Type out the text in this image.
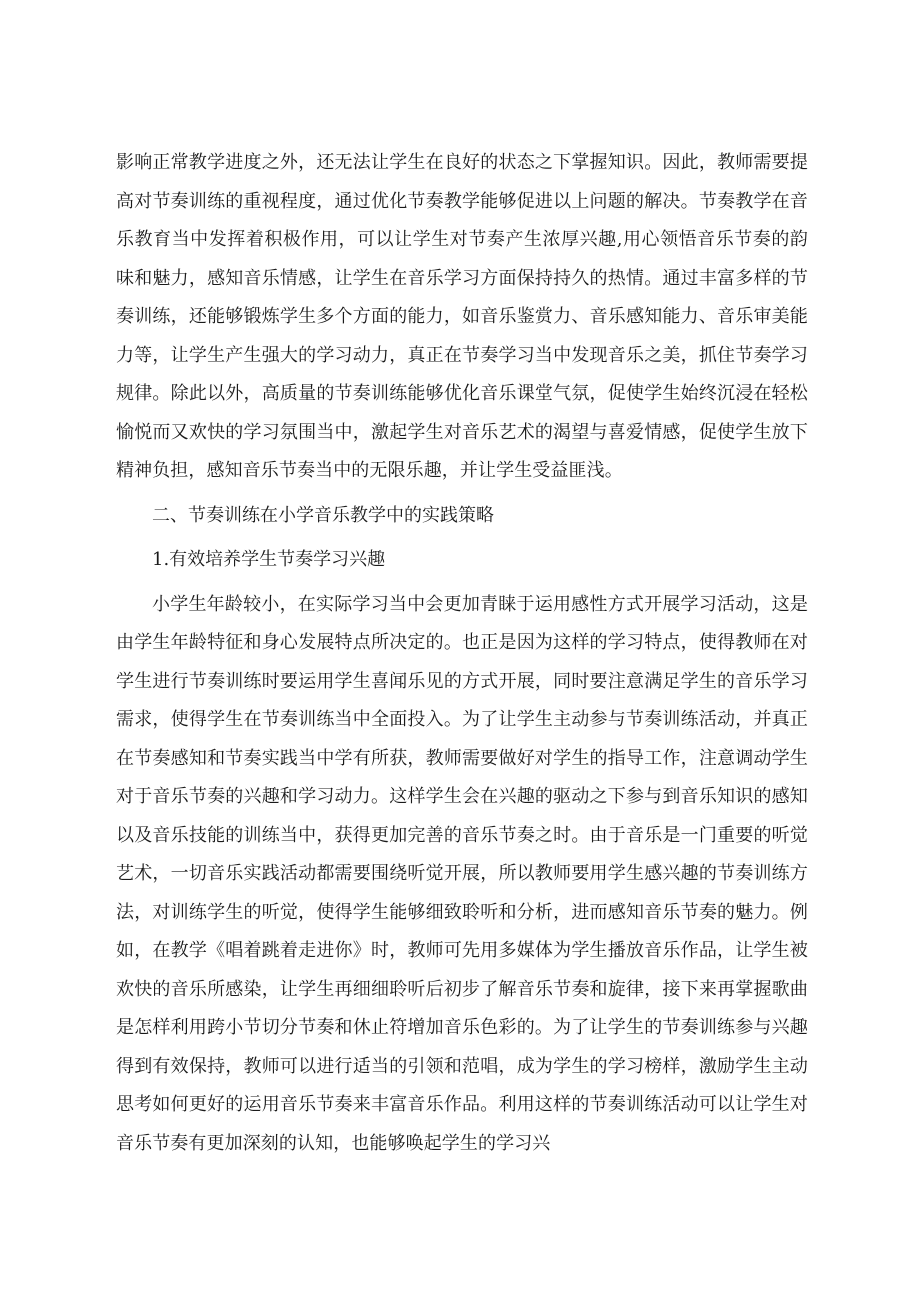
影响正常教学进度之外，还无法让学生在良好的状态之下掌握知识。因此，教师需要提高对节奏训练的重视程度，通过优化节奏教学能够促进以上问题的解决。节奏教学在音乐教育当中发挥着积极作用，可以让学生对节奏产生浓厚兴趣,用心领悟音乐节奏的韵味和魅力，感知音乐情感，让学生在音乐学习方面保持持久的热情。通过丰富多样的节奏训练，还能够锻炼学生多个方面的能力，如音乐鉴赏力、音乐感知能力、音乐审美能力等，让学生产生强大的学习动力，真正在节奏学习当中发现音乐之美，抓住节奏学习规律。除此以外，高质量的节奏训练能够优化音乐课堂气氛，促使学生始终沉浸在轻松愉悦而又欢快的学习氛围当中，激起学生对音乐艺术的渴望与喜爱情感，促使学生放下精神负担，感知音乐节奏当中的无限乐趣，并让学生受益匪浅。

二、节奏训练在小学音乐教学中的实践策略

1.有效培养学生节奏学习兴趣

小学生年龄较小，在实际学习当中会更加青睐于运用感性方式开展学习活动，这是由学生年龄特征和身心发展特点所决定的。也正是因为这样的学习特点，使得教师在对学生进行节奏训练时要运用学生喜闻乐见的方式开展，同时要注意满足学生的音乐学习需求，使得学生在节奏训练当中全面投入。为了让学生主动参与节奏训练活动，并真正在节奏感知和节奏实践当中学有所获，教师需要做好对学生的指导工作，注意调动学生对于音乐节奏的兴趣和学习动力。这样学生会在兴趣的驱动之下参与到音乐知识的感知以及音乐技能的训练当中，获得更加完善的音乐节奏之时。由于音乐是一门重要的听觉艺术，一切音乐实践活动都需要围绕听觉开展，所以教师要用学生感兴趣的节奏训练方法，对训练学生的听觉，使得学生能够细致聆听和分析，进而感知音乐节奏的魅力。例如，在教学《唱着跳着走进你》时，教师可先用多媒体为学生播放音乐作品，让学生被欢快的音乐所感染，让学生再细细聆听后初步了解音乐节奏和旋律，接下来再掌握歌曲是怎样利用跨小节切分节奏和休止符增加音乐色彩的。为了让学生的节奏训练参与兴趣得到有效保持，教师可以进行适当的引领和范唱，成为学生的学习榜样，激励学生主动思考如何更好的运用音乐节奏来丰富音乐作品。利用这样的节奏训练活动可以让学生对音乐节奏有更加深刻的认知，也能够唤起学生的学习兴
